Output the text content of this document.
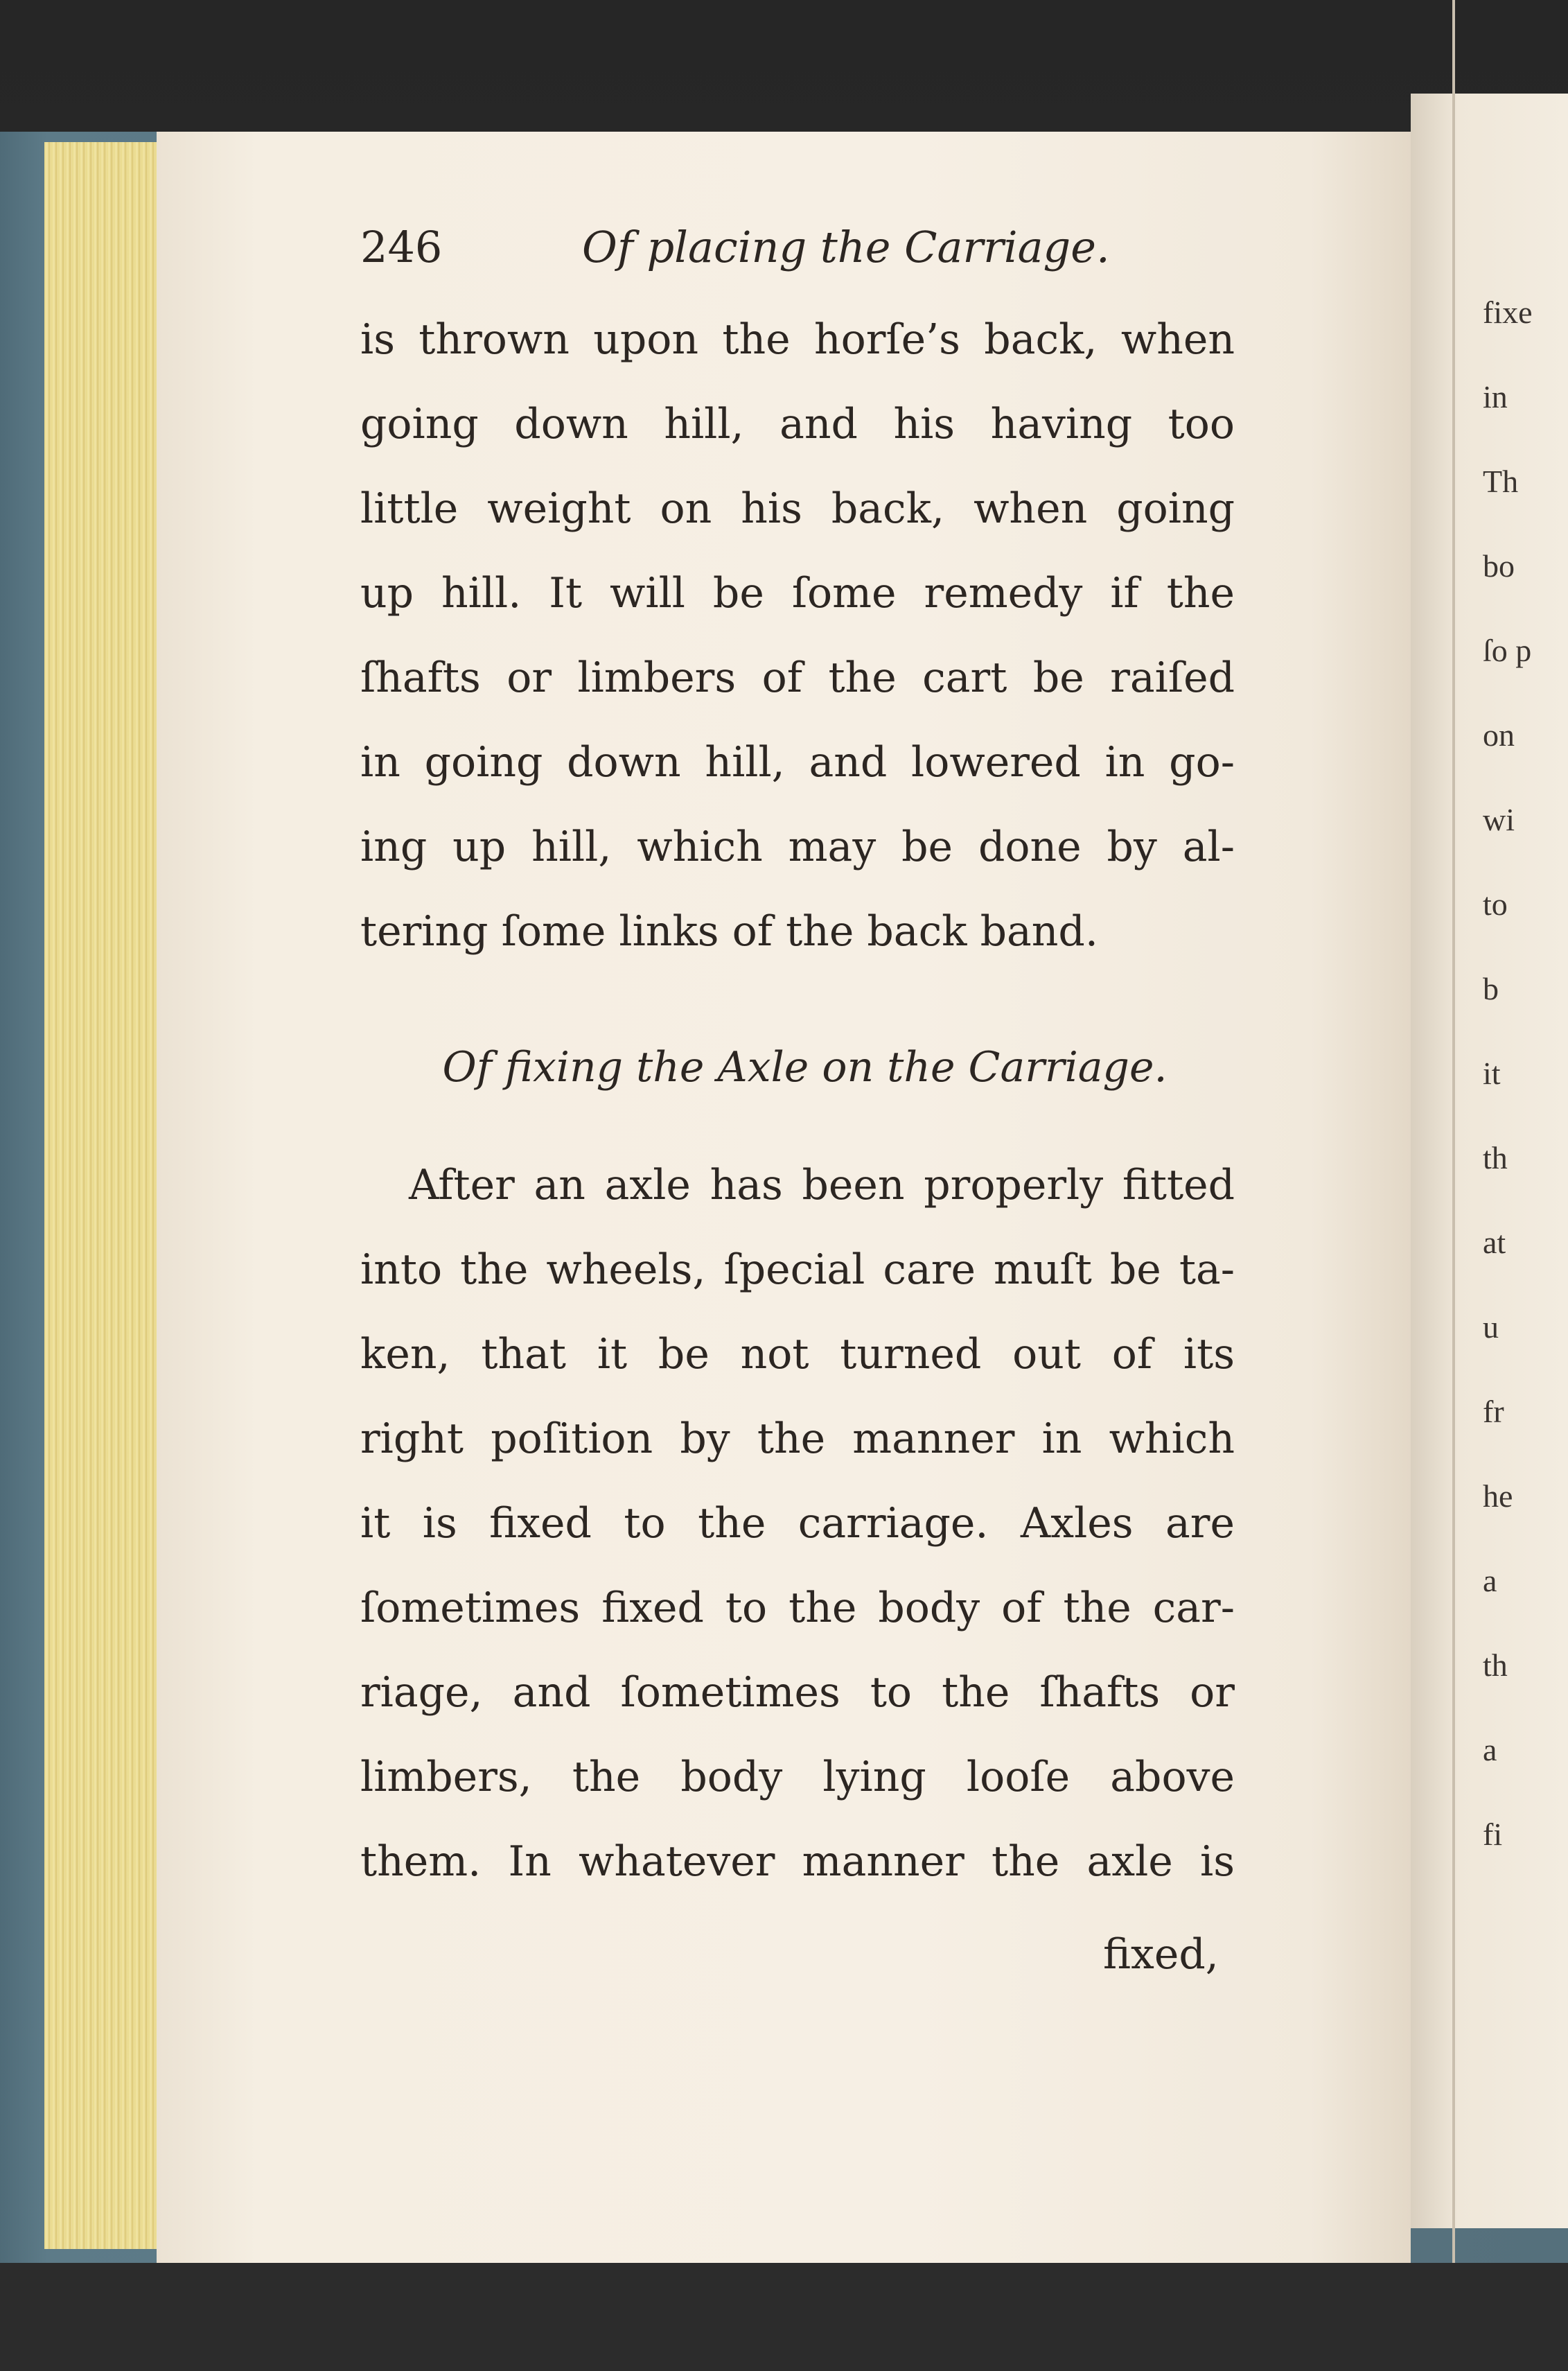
fixe
in
Th
bo
ſo p
on
wi
to
b
it
th
at
u
fr
he
a
th
a
fi
246	Of placing the Carriage.
is thrown upon the horſe’s back, when
going down hill, and his having too
little weight on his back, when going
up hill. It will be ſome remedy if the
ſhafts or limbers of the cart be raiſed
in going down hill, and lowered in go-
ing up hill, which may be done by al-
tering ſome links of the back band.
Of fixing the Axle on the Carriage.
After an axle has been properly fitted
into the wheels, ſpecial care muſt be ta-
ken, that it be not turned out of its
right poſition by the manner in which
it is fixed to the carriage. Axles are
ſometimes fixed to the body of the car-
riage, and ſometimes to the ſhafts or
limbers, the body lying looſe above
them. In whatever manner the axle is
fixed,
